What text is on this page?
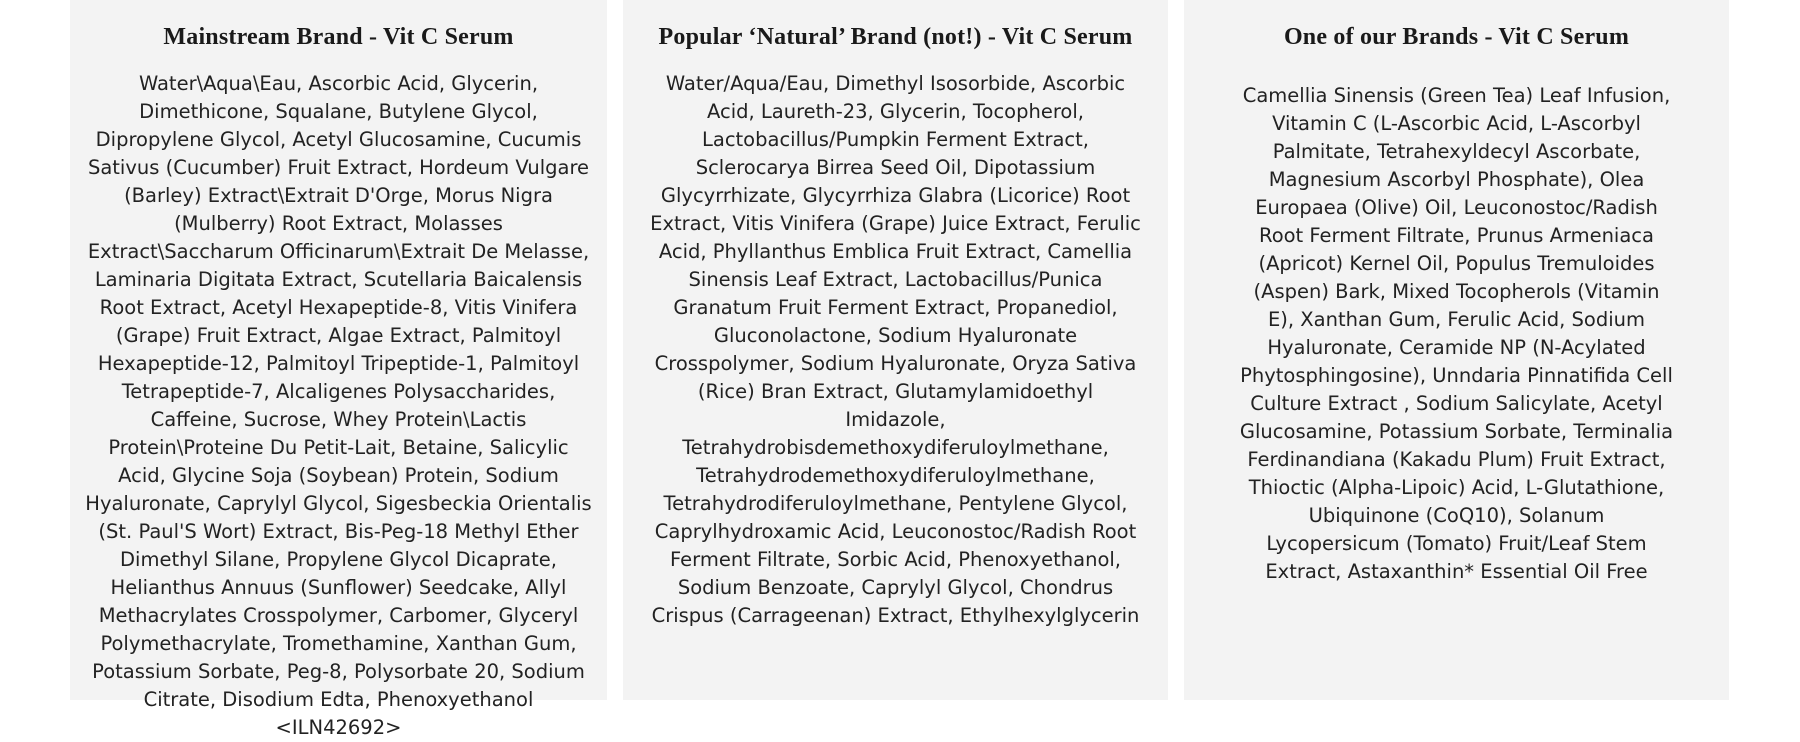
Mainstream Brand - Vit C Serum

Water\Aqua\Eau, Ascorbic Acid, Glycerin, Dimethicone, Squalane, Butylene Glycol, Dipropylene Glycol, Acetyl Glucosamine, Cucumis Sativus (Cucumber) Fruit Extract, Hordeum Vulgare (Barley) Extract\Extrait D'Orge, Morus Nigra (Mulberry) Root Extract, Molasses Extract\Saccharum Officinarum\Extrait De Melasse, Laminaria Digitata Extract, Scutellaria Baicalensis Root Extract, Acetyl Hexapeptide-8, Vitis Vinifera (Grape) Fruit Extract, Algae Extract, Palmitoyl Hexapeptide-12, Palmitoyl Tripeptide-1, Palmitoyl Tetrapeptide-7, Alcaligenes Polysaccharides, Caffeine, Sucrose, Whey Protein\Lactis Protein\Proteine Du Petit-Lait, Betaine, Salicylic Acid, Glycine Soja (Soybean) Protein, Sodium Hyaluronate, Caprylyl Glycol, Sigesbeckia Orientalis (St. Paul'S Wort) Extract, Bis-Peg-18 Methyl Ether Dimethyl Silane, Propylene Glycol Dicaprate, Helianthus Annuus (Sunflower) Seedcake, Allyl Methacrylates Crosspolymer, Carbomer, Glyceryl Polymethacrylate, Tromethamine, Xanthan Gum, Potassium Sorbate, Peg-8, Polysorbate 20, Sodium Citrate, Disodium Edta, Phenoxyethanol <ILN42692>

Popular ‘Natural’ Brand (not!) - Vit C Serum

Water/Aqua/Eau, Dimethyl Isosorbide, Ascorbic Acid, Laureth-23, Glycerin, Tocopherol, Lactobacillus/Pumpkin Ferment Extract, Sclerocarya Birrea Seed Oil, Dipotassium Glycyrrhizate, Glycyrrhiza Glabra (Licorice) Root Extract, Vitis Vinifera (Grape) Juice Extract, Ferulic Acid, Phyllanthus Emblica Fruit Extract, Camellia Sinensis Leaf Extract, Lactobacillus/Punica Granatum Fruit Ferment Extract, Propanediol, Gluconolactone, Sodium Hyaluronate Crosspolymer, Sodium Hyaluronate, Oryza Sativa (Rice) Bran Extract, Glutamylamidoethyl Imidazole, Tetrahydrobisdemethoxydiferuloylmethane, Tetrahydrodemethoxydiferuloylmethane, Tetrahydrodiferuloylmethane, Pentylene Glycol, Caprylhydroxamic Acid, Leuconostoc/Radish Root Ferment Filtrate, Sorbic Acid, Phenoxyethanol, Sodium Benzoate, Caprylyl Glycol, Chondrus Crispus (Carrageenan) Extract, Ethylhexylglycerin

One of our Brands - Vit C Serum

Camellia Sinensis (Green Tea) Leaf Infusion, Vitamin C (L-Ascorbic Acid, L-Ascorbyl Palmitate, Tetrahexyldecyl Ascorbate, Magnesium Ascorbyl Phosphate), Olea Europaea (Olive) Oil, Leuconostoc/Radish Root Ferment Filtrate, Prunus Armeniaca (Apricot) Kernel Oil, Populus Tremuloides (Aspen) Bark, Mixed Tocopherols (Vitamin E), Xanthan Gum, Ferulic Acid, Sodium Hyaluronate, Ceramide NP (N-Acylated Phytosphingosine), Unndaria Pinnatifida Cell Culture Extract , Sodium Salicylate, Acetyl Glucosamine, Potassium Sorbate, Terminalia Ferdinandiana (Kakadu Plum) Fruit Extract, Thioctic (Alpha-Lipoic) Acid, L-Glutathione, Ubiquinone (CoQ10), Solanum Lycopersicum (Tomato) Fruit/Leaf Stem Extract, Astaxanthin* Essential Oil Free
